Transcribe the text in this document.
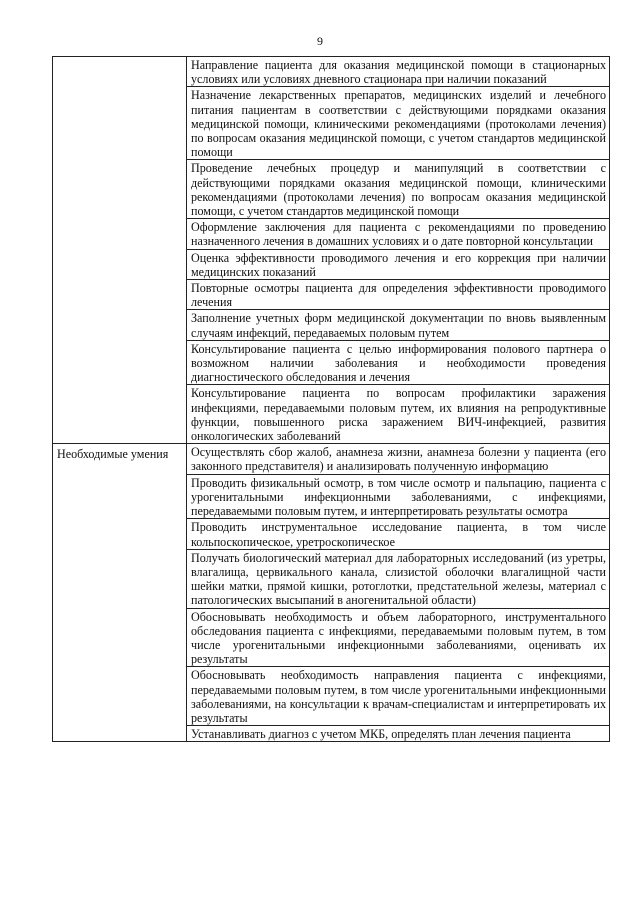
9
	Направление пациента для оказания медицинской помощи в стационарных условиях или условиях дневного стационара при наличии показаний
	Назначение лекарственных препаратов, медицинских изделий и лечебного питания пациентам в соответствии с действующими порядками оказания медицинской помощи, клиническими рекомендациями (протоколами лечения) по вопросам оказания медицинской помощи, с учетом стандартов медицинской помощи
	Проведение лечебных процедур и манипуляций в соответствии с действующими порядками оказания медицинской помощи, клиническими рекомендациями (протоколами лечения) по вопросам оказания медицинской помощи, с учетом стандартов медицинской помощи
	Оформление заключения для пациента с рекомендациями по проведению назначенного лечения в домашних условиях и о дате повторной консультации
	Оценка эффективности проводимого лечения и его коррекция при наличии медицинских показаний
	Повторные осмотры пациента для определения эффективности проводимого лечения
	Заполнение учетных форм медицинской документации по вновь выявленным случаям инфекций, передаваемых половым путем
	Консультирование пациента с целью информирования полового партнера о возможном наличии заболевания и необходимости проведения диагностического обследования и лечения
	Консультирование пациента по вопросам профилактики заражения инфекциями, передаваемыми половым путем, их влияния на репродуктивные функции, повышенного риска заражением ВИЧ-инфекцией, развития онкологических заболеваний
Необходимые умения	Осуществлять сбор жалоб, анамнеза жизни, анамнеза болезни у пациента (его законного представителя) и анализировать полученную информацию
	Проводить физикальный осмотр, в том числе осмотр и пальпацию, пациента с урогенитальными инфекционными заболеваниями, с инфекциями, передаваемыми половым путем, и интерпретировать результаты осмотра
	Проводить инструментальное исследование пациента, в том числе кольпоскопическое, уретроскопическое
	Получать биологический материал для лабораторных исследований (из уретры, влагалища, цервикального канала, слизистой оболочки влагалищной части шейки матки, прямой кишки, ротоглотки, предстательной железы, материал с патологических высыпаний в аногенитальной области)
	Обосновывать необходимость и объем лабораторного, инструментального обследования пациента с инфекциями, передаваемыми половым путем, в том числе урогенитальными инфекционными заболеваниями, оценивать их результаты
	Обосновывать необходимость направления пациента с инфекциями, передаваемыми половым путем, в том числе урогенитальными инфекционными заболеваниями, на консультации к врачам-специалистам и интерпретировать их результаты
	Устанавливать диагноз с учетом МКБ, определять план лечения пациента
